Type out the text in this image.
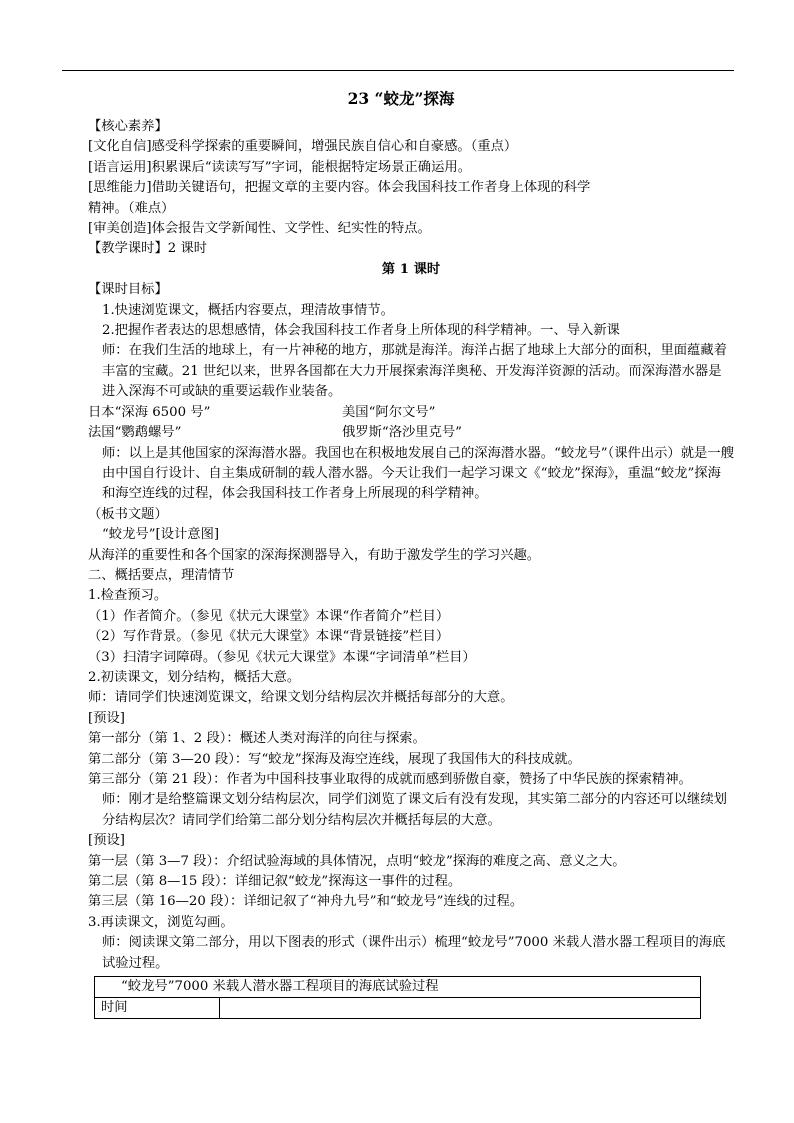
23 “蛟龙”探海
【核心素养】
[文化自信]感受科学探索的重要瞬间，增强民族自信心和自豪感。（重点）
[语言运用]积累课后“读读写写”字词，能根据特定场景正确运用。
[思维能力]借助关键语句，把握文章的主要内容。体会我国科技工作者身上体现的科学
精神。（难点）
[审美创造]体会报告文学新闻性、文学性、纪实性的特点。
【教学课时】2 课时
第 1 课时
【课时目标】
1.快速浏览课文，概括内容要点，理清故事情节。
2.把握作者表达的思想感情，体会我国科技工作者身上所体现的科学精神。一、导入新课
师：在我们生活的地球上，有一片神秘的地方，那就是海洋。海洋占据了地球上大部分的面积，里面蕴藏着丰富的宝藏。21 世纪以来，世界各国都在大力开展探索海洋奥秘、开发海洋资源的活动。而深海潜水器是进入深海不可或缺的重要运载作业装备。
日本“深海 6500 号”	美国“阿尔文号”
法国“鹦鹉螺号”	俄罗斯“洛沙里克号”
师：以上是其他国家的深海潜水器。我国也在积极地发展自己的深海潜水器。“蛟龙号”（课件出示）就是一艘由中国自行设计、自主集成研制的载人潜水器。今天让我们一起学习课文《“蛟龙”探海》，重温“蛟龙”探海和海空连线的过程，体会我国科技工作者身上所展现的科学精神。
（板书文题）
“蛟龙号”[设计意图]
从海洋的重要性和各个国家的深海探测器导入，有助于激发学生的学习兴趣。
二、概括要点，理清情节
1.检查预习。
（1）作者简介。（参见《状元大课堂》本课“作者简介”栏目）
（2）写作背景。（参见《状元大课堂》本课“背景链接”栏目）
（3）扫清字词障碍。（参见《状元大课堂》本课“字词清单”栏目）
2.初读课文，划分结构，概括大意。
师：请同学们快速浏览课文，给课文划分结构层次并概括每部分的大意。
[预设]
第一部分（第 1、2 段）：概述人类对海洋的向往与探索。
第二部分（第 3—20 段）：写“蛟龙”探海及海空连线，展现了我国伟大的科技成就。
第三部分（第 21 段）：作者为中国科技事业取得的成就而感到骄傲自豪，赞扬了中华民族的探索精神。
师：刚才是给整篇课文划分结构层次，同学们浏览了课文后有没有发现，其实第二部分的内容还可以继续划分结构层次？请同学们给第二部分划分结构层次并概括每层的大意。
[预设]
第一层（第 3—7 段）：介绍试验海域的具体情况，点明“蛟龙”探海的难度之高、意义之大。
第二层（第 8—15 段）：详细记叙“蛟龙”探海这一事件的过程。
第三层（第 16—20 段）：详细记叙了“神舟九号”和“蛟龙号”连线的过程。
3.再读课文，浏览勾画。
师：阅读课文第二部分，用以下图表的形式（课件出示）梳理“蛟龙号”7000 米载人潜水器工程项目的海底试验过程。
“蛟龙号”7000 米载人潜水器工程项目的海底试验过程
时间	
